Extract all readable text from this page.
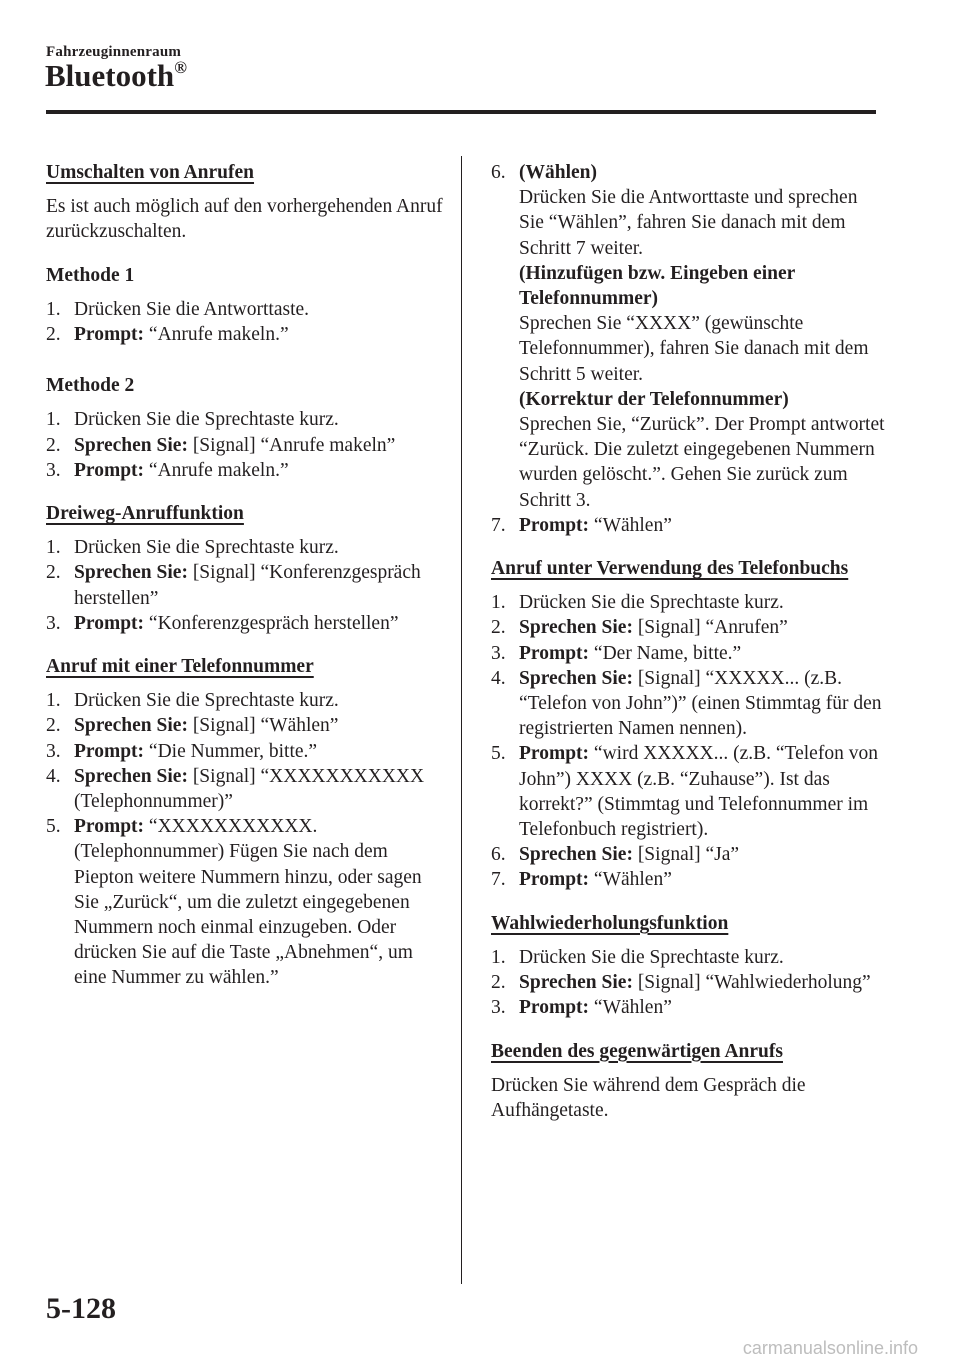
Fahrzeuginnenraum
Bluetooth®
Umschalten von Anrufen

Es ist auch möglich auf den vorhergehenden Anruf zurückzuschalten.

Methode 1
1. Drücken Sie die Antworttaste.
2. Prompt: “Anrufe makeln.”
Methode 2
1. Drücken Sie die Sprechtaste kurz.
2. Sprechen Sie: [Signal] “Anrufe makeln”
3. Prompt: “Anrufe makeln.”
Dreiweg-Anruffunktion
1. Drücken Sie die Sprechtaste kurz.
2. Sprechen Sie: [Signal] “Konferenzgespräch herstellen”
3. Prompt: “Konferenzgespräch herstellen”
Anruf mit einer Telefonnummer
1. Drücken Sie die Sprechtaste kurz.
2. Sprechen Sie: [Signal] “Wählen”
3. Prompt: “Die Nummer, bitte.”
4. Sprechen Sie: [Signal] “XXXXXXXXXXX (Telephonnummer)”
5. Prompt: “XXXXXXXXXXX. (Telephonnummer) Fügen Sie nach dem Piepton weitere Nummern hinzu, oder sagen Sie „Zurück“, um die zuletzt eingegebenen Nummern noch einmal einzugeben. Oder drücken Sie auf die Taste „Abnehmen“, um eine Nummer zu wählen.”
6. (Wählen)
Drücken Sie die Antworttaste und sprechen Sie “Wählen”, fahren Sie danach mit dem Schritt 7 weiter.
(Hinzufügen bzw. Eingeben einer Telefonnummer)
Sprechen Sie “XXXX” (gewünschte Telefonnummer), fahren Sie danach mit dem Schritt 5 weiter.
(Korrektur der Telefonnummer)
Sprechen Sie, “Zurück”. Der Prompt antwortet “Zurück. Die zuletzt eingegebenen Nummern wurden gelöscht.”. Gehen Sie zurück zum Schritt 3.
7. Prompt: “Wählen”
Anruf unter Verwendung des Telefonbuchs
1. Drücken Sie die Sprechtaste kurz.
2. Sprechen Sie: [Signal] “Anrufen”
3. Prompt: “Der Name, bitte.”
4. Sprechen Sie: [Signal] “XXXXX... (z.B. “Telefon von John”)” (einen Stimmtag für den registrierten Namen nennen).
5. Prompt: “wird XXXXX... (z.B. “Telefon von John”) XXXX (z.B. “Zuhause”). Ist das korrekt?” (Stimmtag und Telefonnummer im Telefonbuch registriert).
6. Sprechen Sie: [Signal] “Ja”
7. Prompt: “Wählen”
Wahlwiederholungsfunktion
1. Drücken Sie die Sprechtaste kurz.
2. Sprechen Sie: [Signal] “Wahlwiederholung”
3. Prompt: “Wählen”
Beenden des gegenwärtigen Anrufs

Drücken Sie während dem Gespräch die Aufhängetaste.

5-128
carmanualsonline.info
